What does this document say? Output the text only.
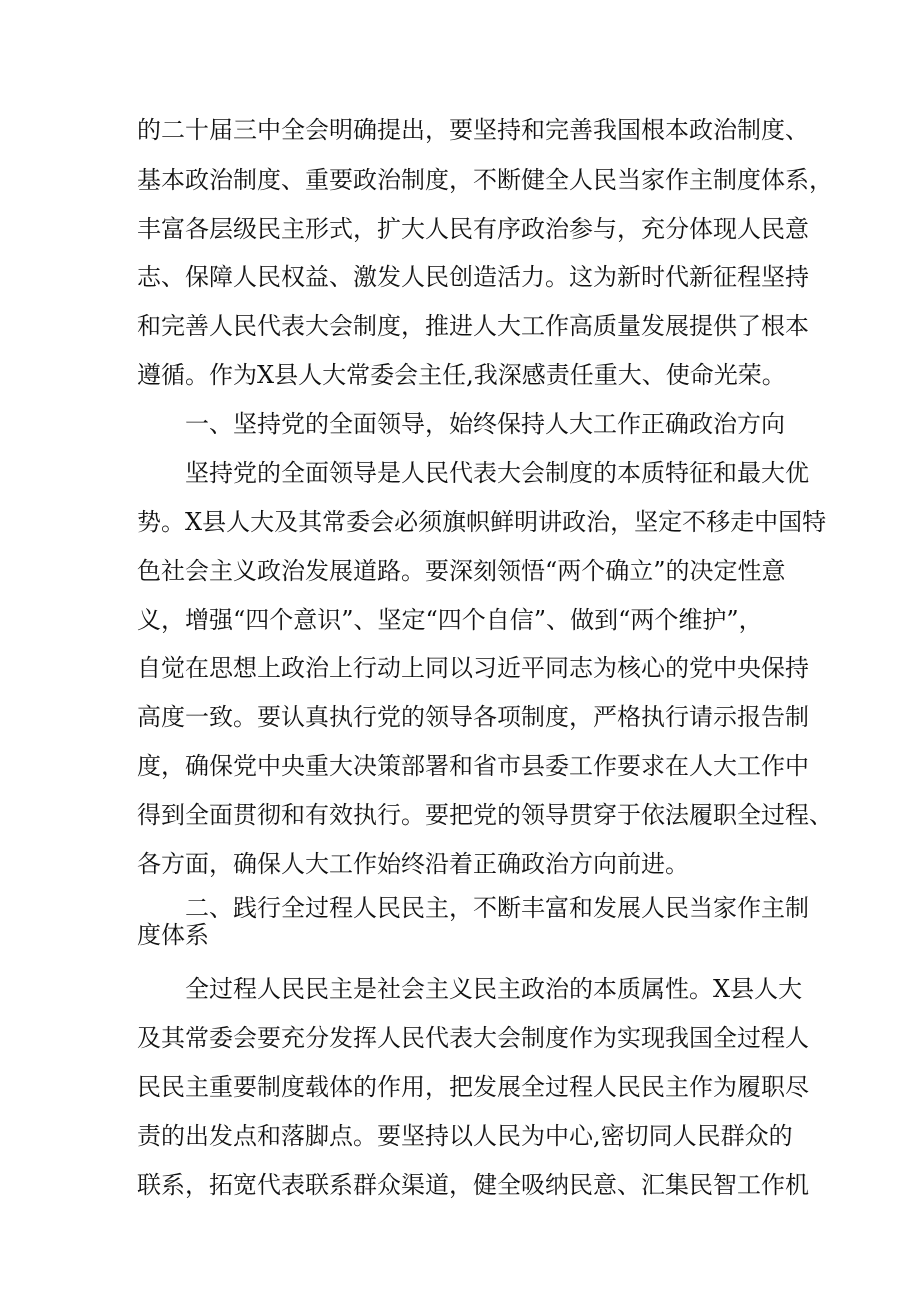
的二十届三中全会明确提出，要坚持和完善我国根本政治制度、
基本政治制度、重要政治制度，不断健全人民当家作主制度体系，
丰富各层级民主形式，扩大人民有序政治参与，充分体现人民意
志、保障人民权益、激发人民创造活力。这为新时代新征程坚持
和完善人民代表大会制度，推进人大工作高质量发展提供了根本
遵循。作为X县人大常委会主任,我深感责任重大、使命光荣。
一、坚持党的全面领导，始终保持人大工作正确政治方向
坚持党的全面领导是人民代表大会制度的本质特征和最大优
势。X县人大及其常委会必须旗帜鲜明讲政治，坚定不移走中国特
色社会主义政治发展道路。要深刻领悟“两个确立”的决定性意
义，增强“四个意识”、坚定“四个自信”、做到“两个维护”，
自觉在思想上政治上行动上同以习近平同志为核心的党中央保持
高度一致。要认真执行党的领导各项制度，严格执行请示报告制
度，确保党中央重大决策部署和省市县委工作要求在人大工作中
得到全面贯彻和有效执行。要把党的领导贯穿于依法履职全过程、
各方面，确保人大工作始终沿着正确政治方向前进。
二、践行全过程人民民主，不断丰富和发展人民当家作主制
度体系
全过程人民民主是社会主义民主政治的本质属性。X县人大
及其常委会要充分发挥人民代表大会制度作为实现我国全过程人
民民主重要制度载体的作用，把发展全过程人民民主作为履职尽
责的出发点和落脚点。要坚持以人民为中心,密切同人民群众的
联系，拓宽代表联系群众渠道，健全吸纳民意、汇集民智工作机
